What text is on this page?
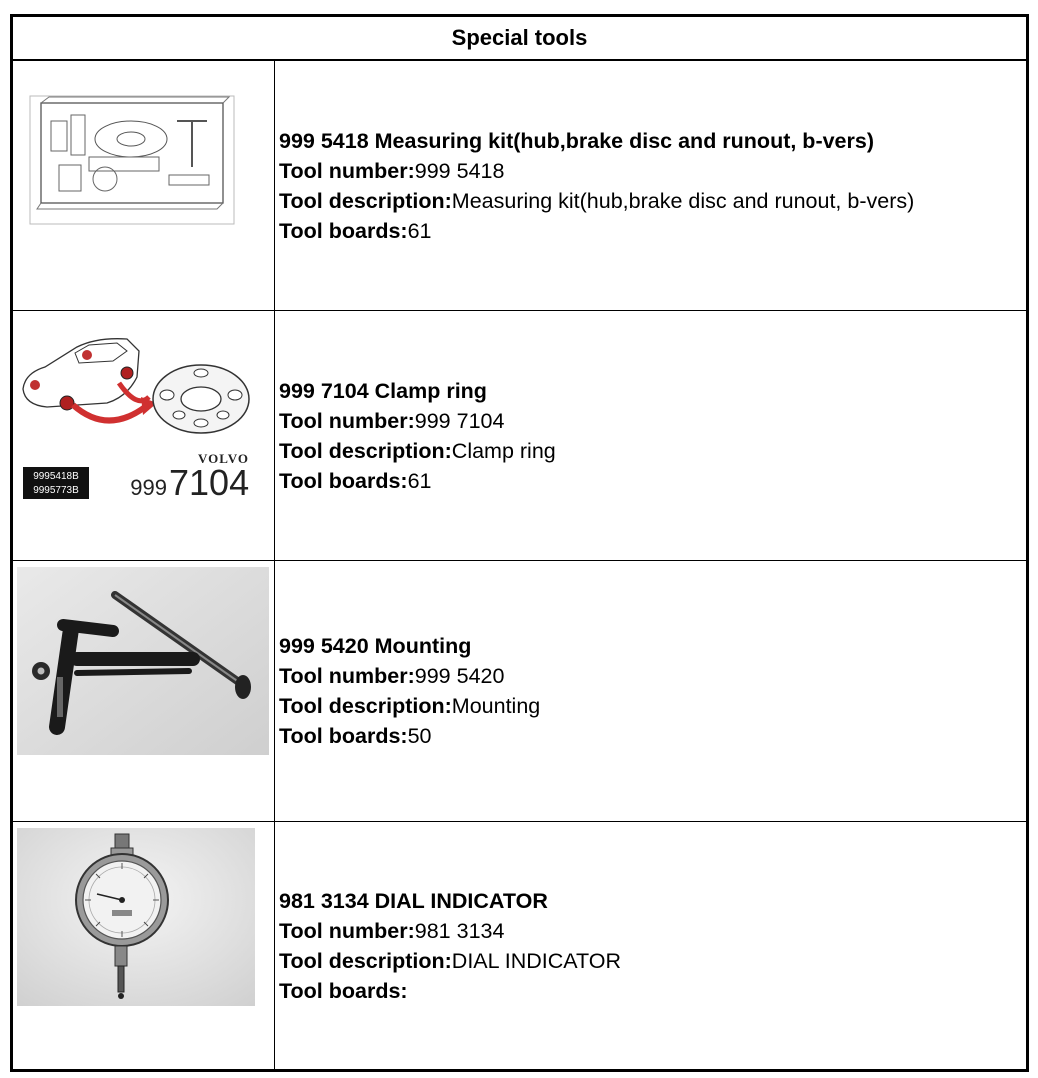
Special tools
999 5418 Measuring kit(hub,brake disc and runout, b-vers)
Tool number:999 5418
Tool description:Measuring kit(hub,brake disc and runout, b-vers)
Tool boards:61
9995418B
9995773B
VOLVO
999 7104
999 7104 Clamp ring
Tool number:999 7104
Tool description:Clamp ring
Tool boards:61
999 5420 Mounting
Tool number:999 5420
Tool description:Mounting
Tool boards:50
981 3134 DIAL INDICATOR
Tool number:981 3134
Tool description:DIAL INDICATOR
Tool boards:
